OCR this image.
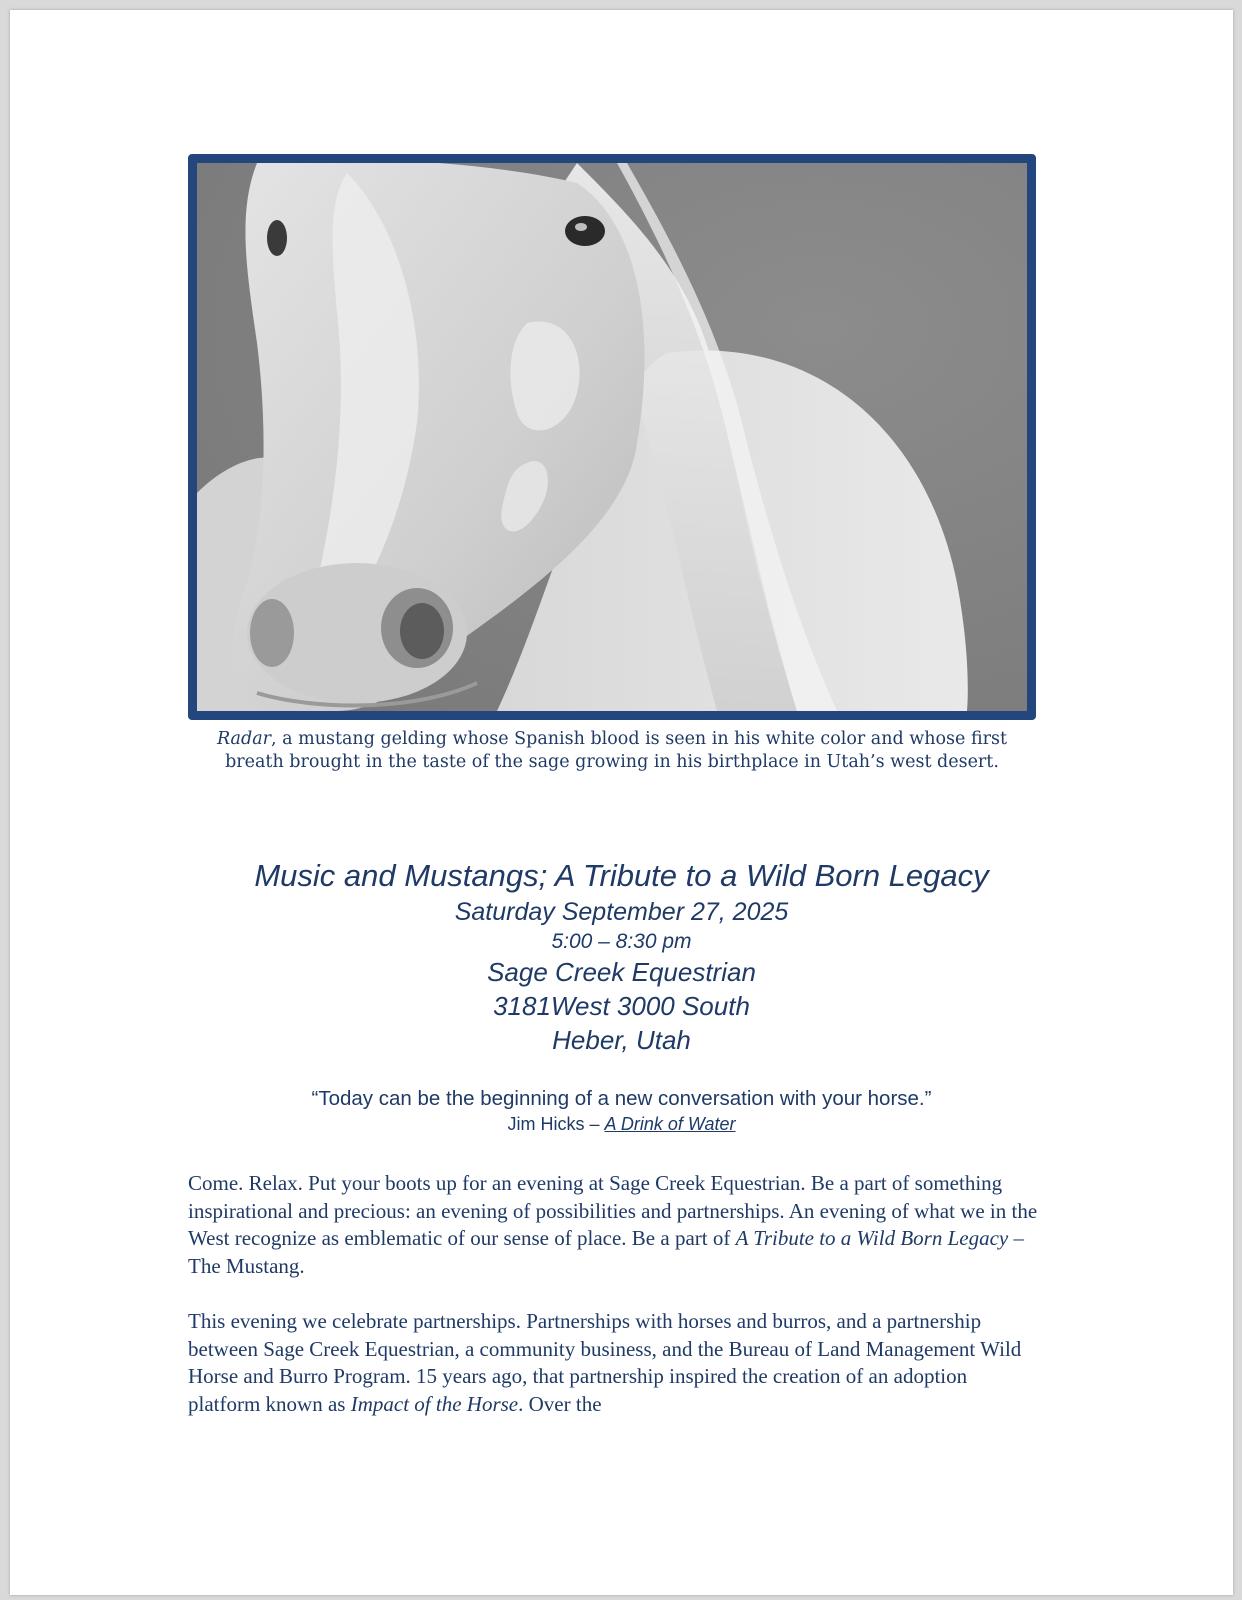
Radar, a mustang gelding whose Spanish blood is seen in his white color and whose first breath brought in the taste of the sage growing in his birthplace in Utah’s west desert.
Music and Mustangs; A Tribute to a Wild Born Legacy
Saturday September 27, 2025
5:00 – 8:30 pm
Sage Creek Equestrian
3181West 3000 South
Heber, Utah
“Today can be the beginning of a new conversation with your horse.”
Jim Hicks – A Drink of Water
Come. Relax. Put your boots up for an evening at Sage Creek Equestrian. Be a part of something inspirational and precious: an evening of possibilities and partnerships. An evening of what we in the West recognize as emblematic of our sense of place. Be a part of A Tribute to a Wild Born Legacy – The Mustang.
This evening we celebrate partnerships. Partnerships with horses and burros, and a partnership between Sage Creek Equestrian, a community business, and the Bureau of Land Management Wild Horse and Burro Program. 15 years ago, that partnership inspired the creation of an adoption platform known as Impact of the Horse. Over the
